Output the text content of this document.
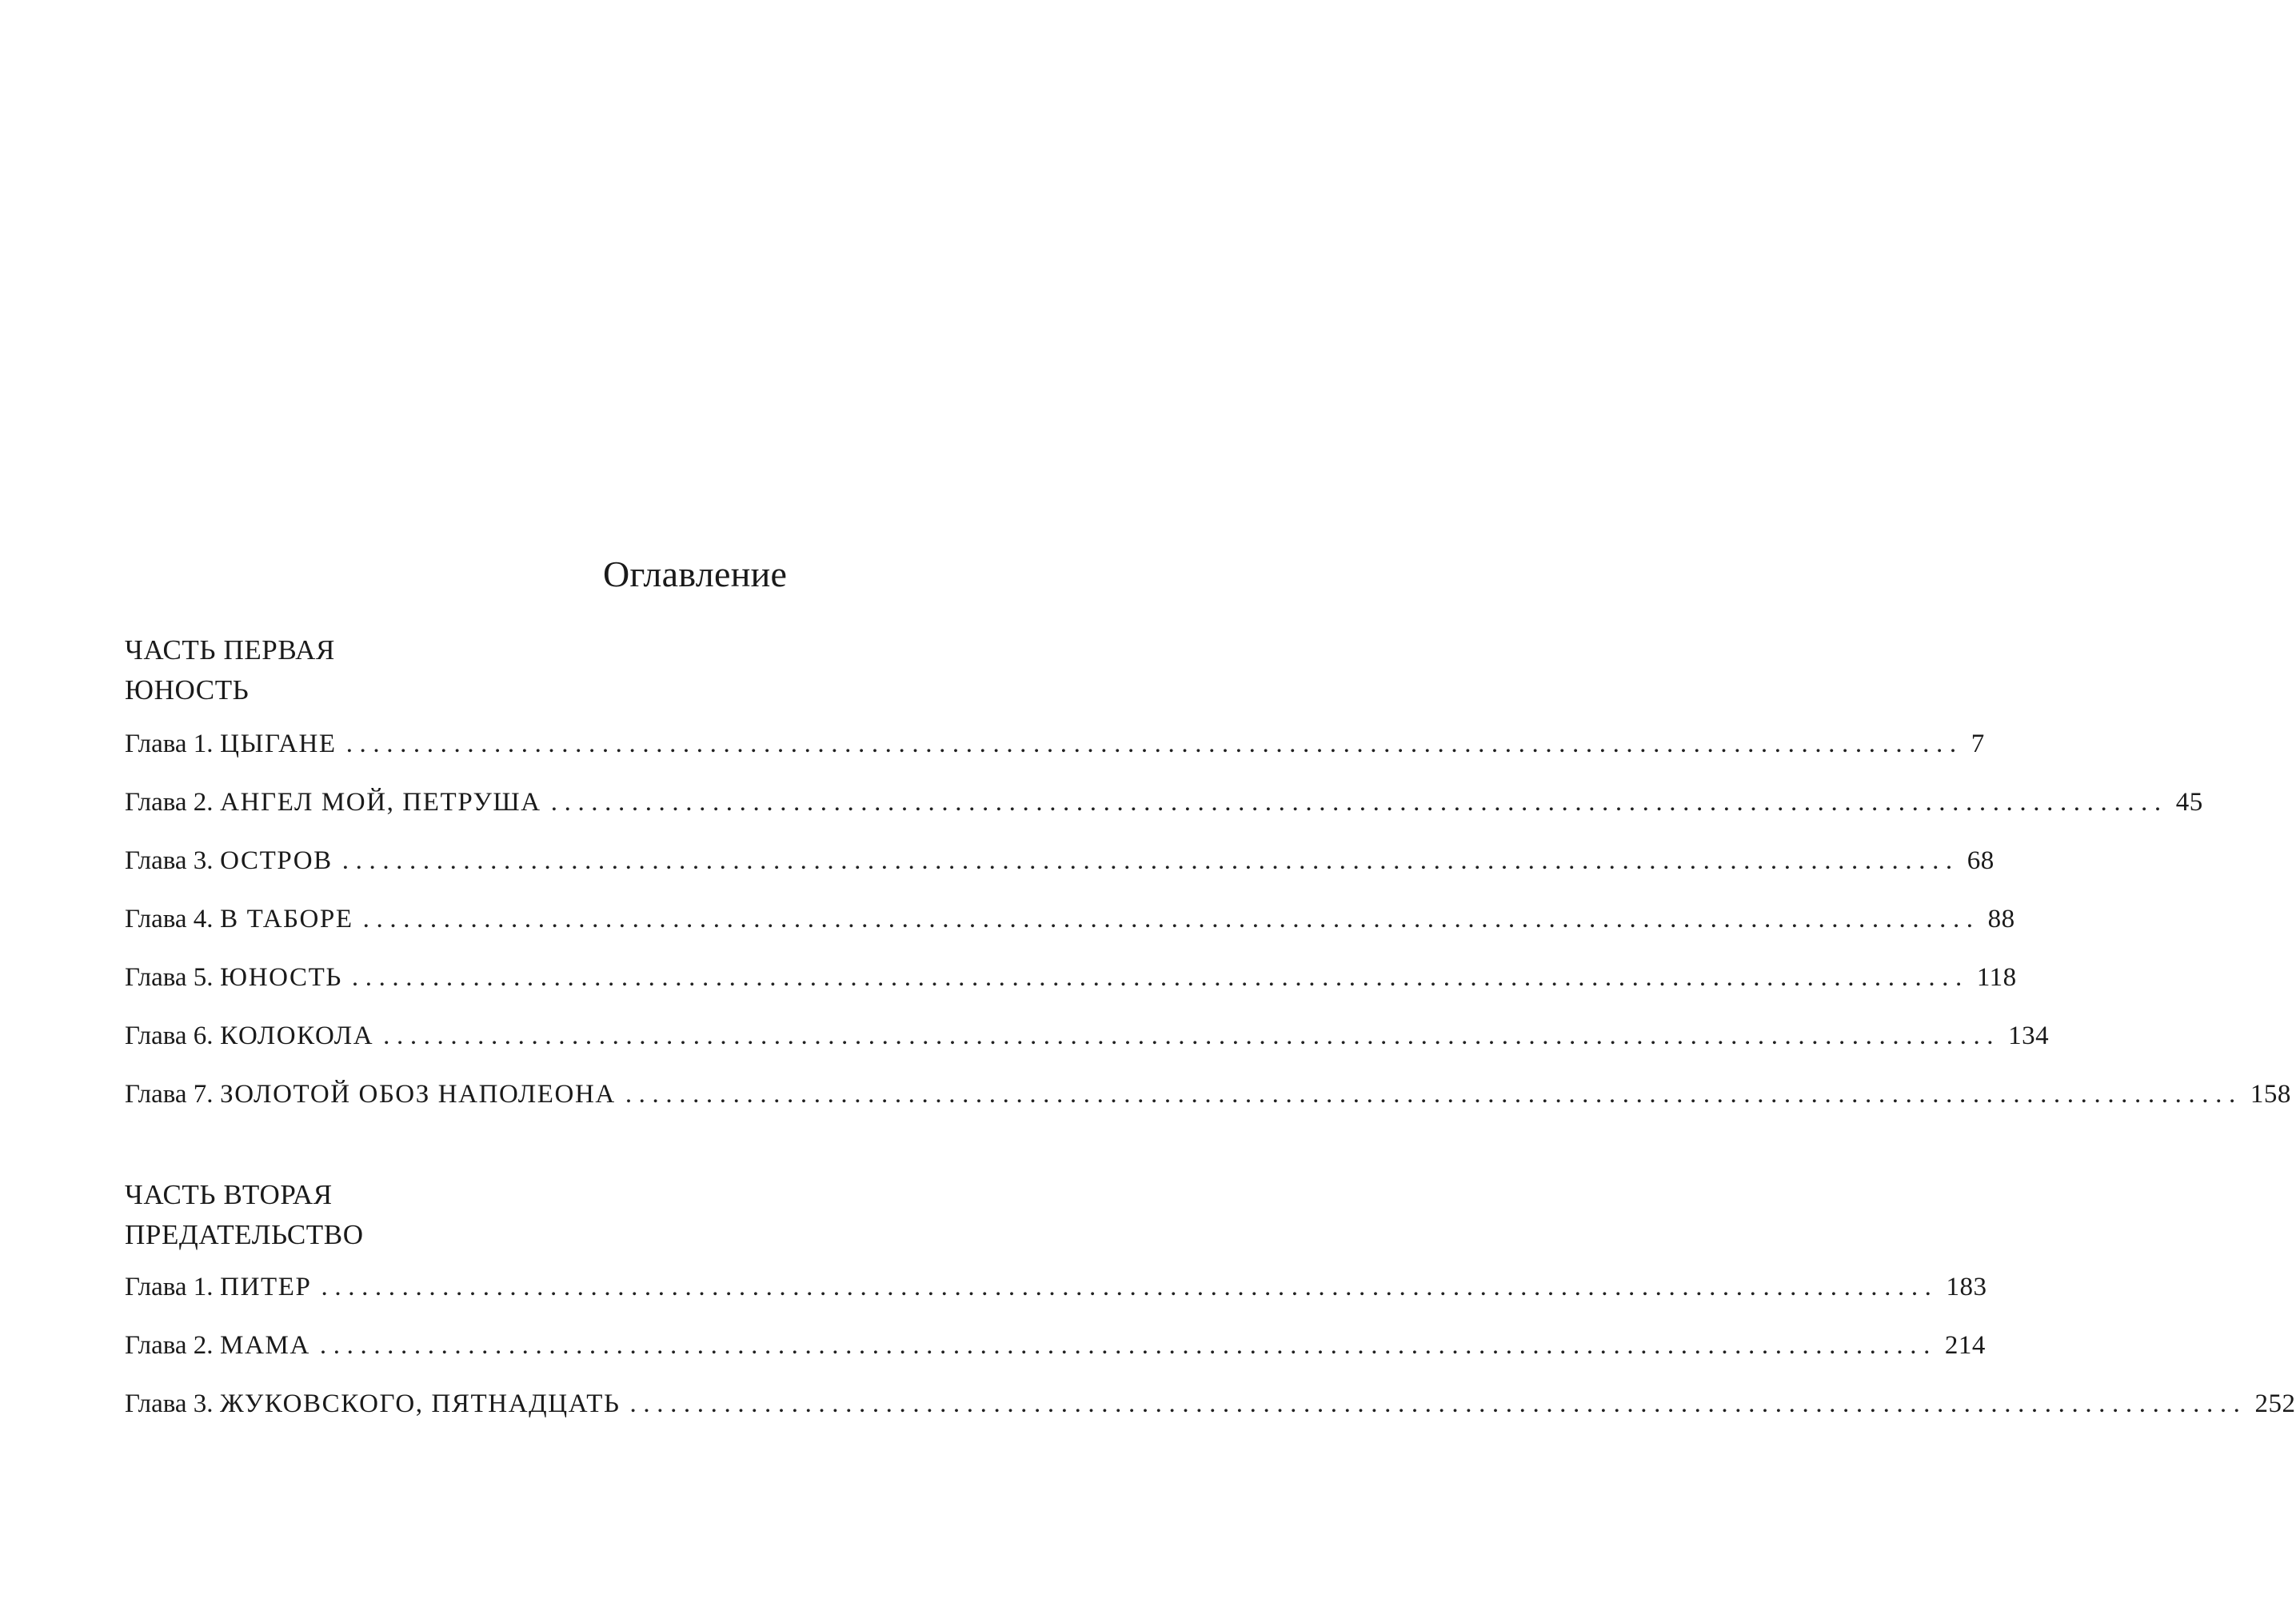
Оглавление
ЧАСТЬ ПЕРВАЯ
ЮНОСТЬ
Глава 1. ЦЫГАНЕ ........................................................................................................................ 7
Глава 2. АНГЕЛ МОЙ, ПЕТРУША ........................................................................................................................ 45
Глава 3. ОСТРОВ ........................................................................................................................ 68
Глава 4. В ТАБОРЕ ........................................................................................................................ 88
Глава 5. ЮНОСТЬ ........................................................................................................................ 118
Глава 6. КОЛОКОЛА ........................................................................................................................ 134
Глава 7. ЗОЛОТОЙ ОБОЗ НАПОЛЕОНА ........................................................................................................................ 158
ЧАСТЬ ВТОРАЯ
ПРЕДАТЕЛЬСТВО
Глава 1. ПИТЕР ........................................................................................................................ 183
Глава 2. МАМА ........................................................................................................................ 214
Глава 3. ЖУКОВСКОГО, ПЯТНАДЦАТЬ ........................................................................................................................ 252
